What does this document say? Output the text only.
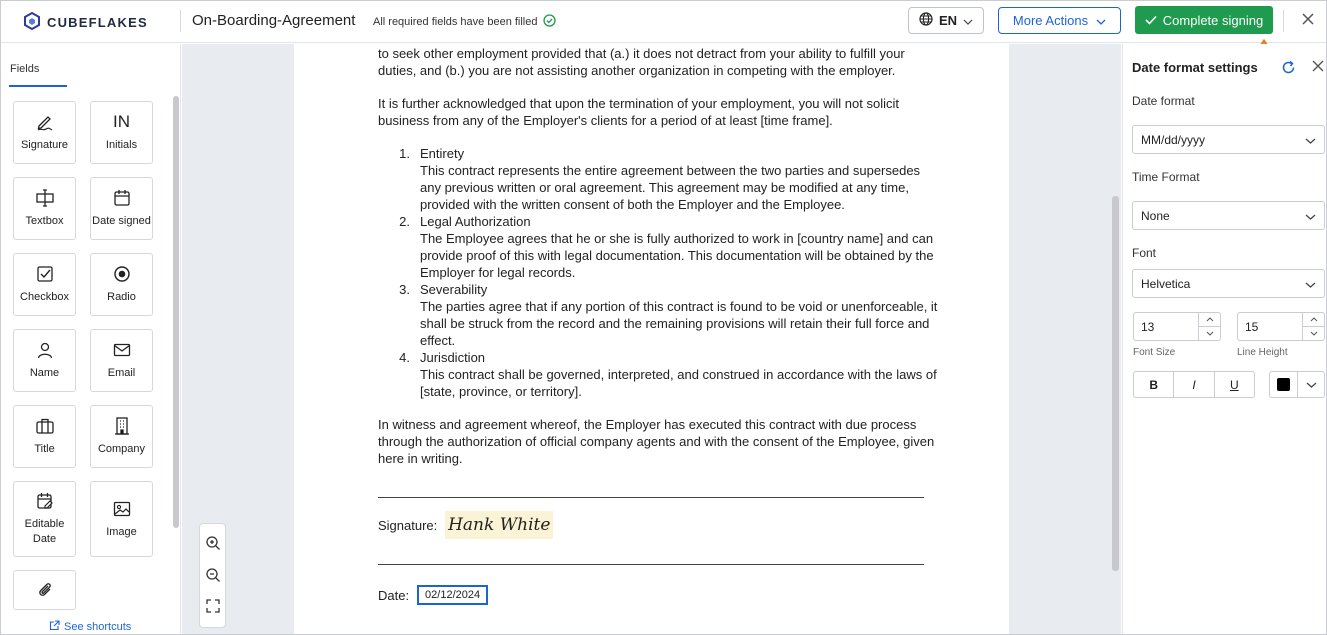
CUBEFLAKES	On-Boarding-Agreement All required fields have been filled	EN	More Actions	Complete signing
Fields
Signature
IN
Initials
Textbox	Date signed
Checkbox	Radio
Name	Email
Title	Company
Editable Date
Image
See shortcuts

to seek other employment provided that (a.) it does not detract from your ability to fulfill your duties, and (b.) you are not assisting another organization in competing with the employer.

It is further acknowledged that upon the termination of your employment, you will not solicit business from any of the Employer's clients for a period of at least [time frame].

1. Entirety
This contract represents the entire agreement between the two parties and supersedes any previous written or oral agreement. This agreement may be modified at any time, provided with the written consent of both the Employer and the Employee.
2. Legal Authorization
The Employee agrees that he or she is fully authorized to work in [country name] and can provide proof of this with legal documentation. This documentation will be obtained by the Employer for legal records.
3. Severability
The parties agree that if any portion of this contract is found to be void or unenforceable, it shall be struck from the record and the remaining provisions will retain their full force and effect.
4. Jurisdiction
This contract shall be governed, interpreted, and construed in accordance with the laws of [state, province, or territory].

In witness and agreement whereof, the Employer has executed this contract with due process through the authorization of official company agents and with the consent of the Employee, given here in writing.

Signature: Hank White
Date:	02/12/2024
Date format settings
Date format
MM/dd/yyyy
Time Format
None
Font
Helvetica
13
Font Size
15
Line Height
B	I	U
